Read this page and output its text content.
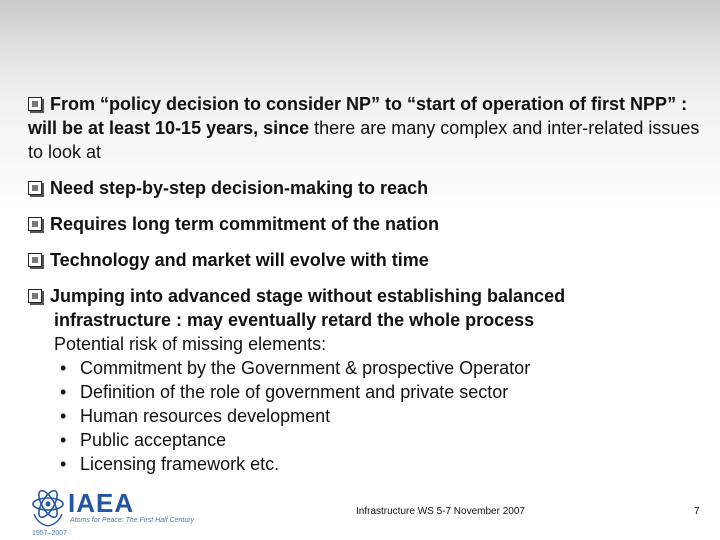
From “policy decision to consider NP” to “start of operation of first NPP” : will be at least 10-15 years, since there are many complex and inter-related issues to look at
Need step-by-step decision-making to reach
Requires long term commitment of the nation
Technology and market will evolve with time
Jumping into advanced stage without establishing balanced
infrastructure : may eventually retard the whole process
Potential risk of missing elements:
• Commitment by the Government & prospective Operator
• Definition of the role of government and private sector
• Human resources development
• Public acceptance
• Licensing framework etc.
IAEA
Atoms for Peace: The First Half Century
1957–2007
Infrastructure WS 5-7 November 2007	7
